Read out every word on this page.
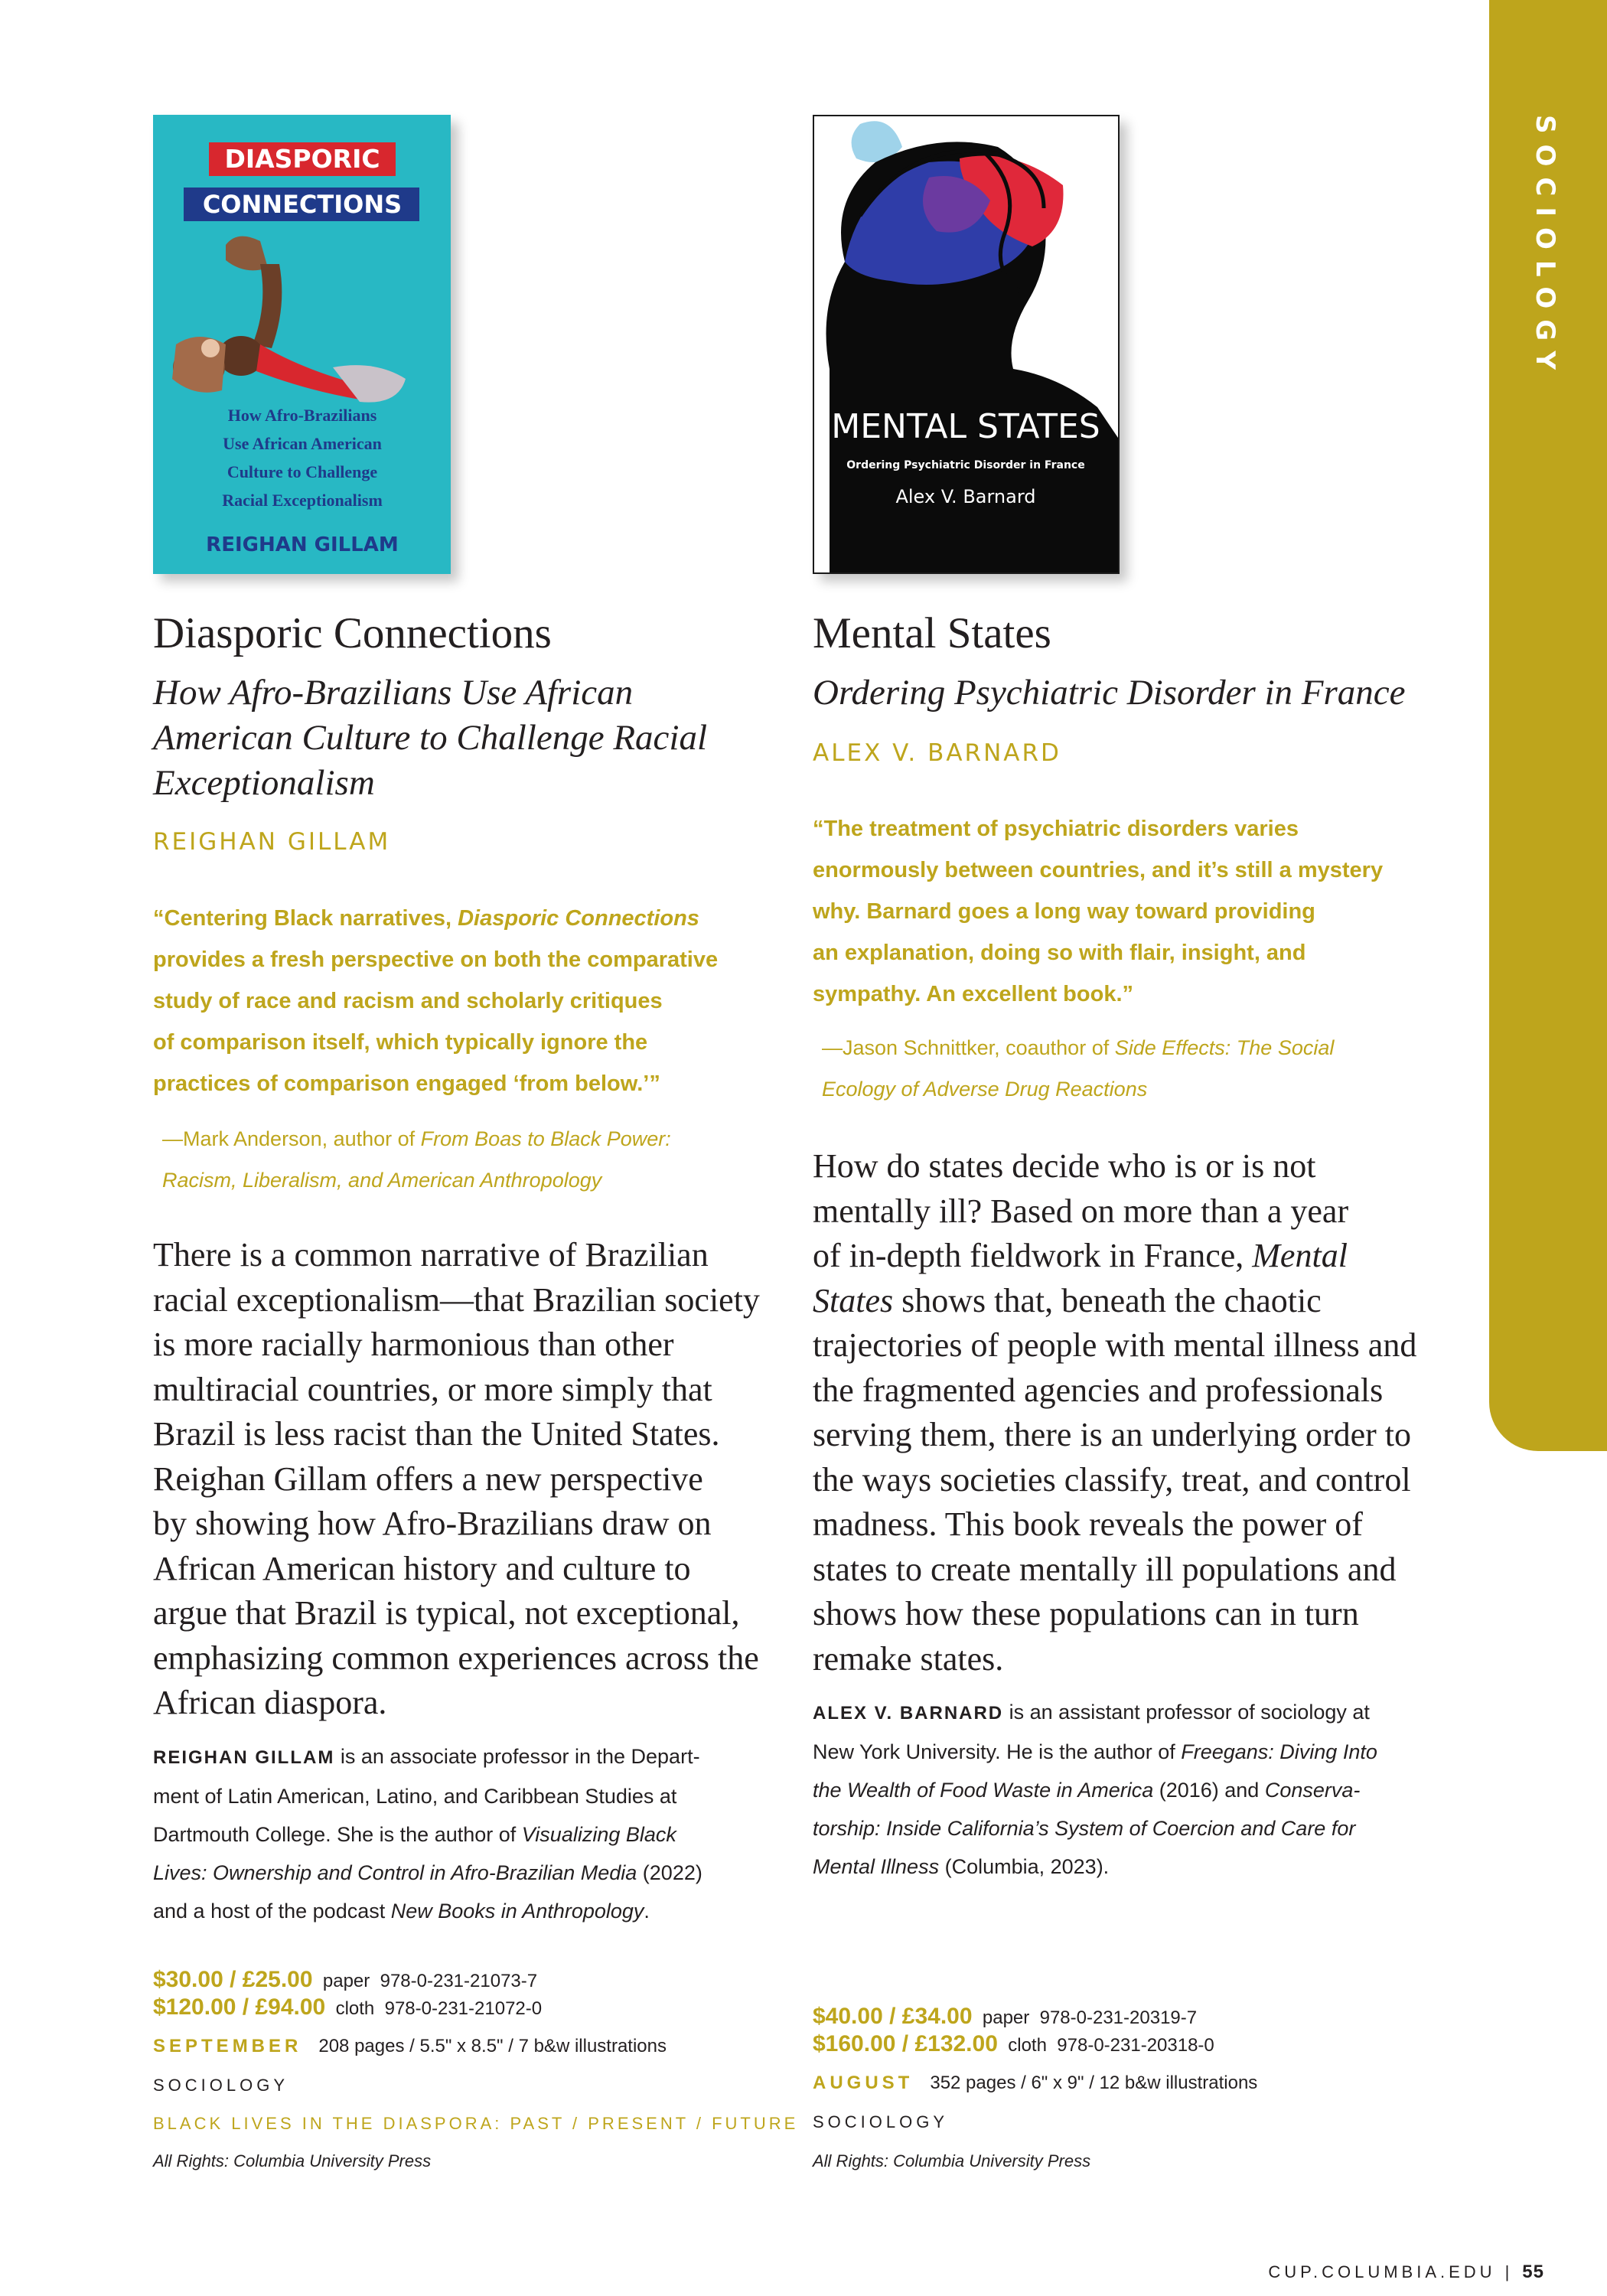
SOCIOLOGY
DIASPORIC
CONNECTIONS
How Afro-Brazilians
Use African American
Culture to Challenge
Racial Exceptionalism
REIGHAN GILLAM
Diasporic Connections
How Afro-Brazilians Use African
American Culture to Challenge Racial
Exceptionalism
REIGHAN GILLAM
“Centering Black narratives, Diasporic Connections
provides a fresh perspective on both the comparative
study of race and racism and scholarly critiques
of comparison itself, which typically ignore the
practices of comparison engaged ‘from below.’”
—Mark Anderson, author of From Boas to Black Power:
Racism, Liberalism, and American Anthropology
There is a common narrative of Brazilian
racial exceptionalism—that Brazilian society
is more racially harmonious than other
multiracial countries, or more simply that
Brazil is less racist than the United States.
Reighan Gillam offers a new perspective
by showing how Afro-Brazilians draw on
African American history and culture to
argue that Brazil is typical, not exceptional,
emphasizing common experiences across the
African diaspora.
REIGHAN GILLAM is an associate professor in the Depart-
ment of Latin American, Latino, and Caribbean Studies at
Dartmouth College. She is the author of Visualizing Black
Lives: Ownership and Control in Afro-Brazilian Media (2022)
and a host of the podcast New Books in Anthropology.
$30.00 / £25.00 paper 978-0-231-21073-7
$120.00 / £94.00 cloth 978-0-231-21072-0
SEPTEMBER 208 pages / 5.5" x 8.5" / 7 b&w illustrations
SOCIOLOGY
BLACK LIVES IN THE DIASPORA: PAST / PRESENT / FUTURE
All Rights: Columbia University Press
MENTAL STATES
Ordering Psychiatric Disorder in France
Alex V. Barnard
Mental States
Ordering Psychiatric Disorder in France
ALEX V. BARNARD
“The treatment of psychiatric disorders varies
enormously between countries, and it’s still a mystery
why. Barnard goes a long way toward providing
an explanation, doing so with flair, insight, and
sympathy. An excellent book.”
—Jason Schnittker, coauthor of Side Effects: The Social
Ecology of Adverse Drug Reactions
How do states decide who is or is not
mentally ill? Based on more than a year
of in-depth fieldwork in France, Mental
States shows that, beneath the chaotic
trajectories of people with mental illness and
the fragmented agencies and professionals
serving them, there is an underlying order to
the ways societies classify, treat, and control
madness. This book reveals the power of
states to create mentally ill populations and
shows how these populations can in turn
remake states.
ALEX V. BARNARD is an assistant professor of sociology at
New York University. He is the author of Freegans: Diving Into
the Wealth of Food Waste in America (2016) and Conserva-
torship: Inside California’s System of Coercion and Care for
Mental Illness (Columbia, 2023).
$40.00 / £34.00 paper 978-0-231-20319-7
$160.00 / £132.00 cloth 978-0-231-20318-0
AUGUST 352 pages / 6" x 9" / 12 b&w illustrations
SOCIOLOGY
All Rights: Columbia University Press
CUP.COLUMBIA.EDU | 55
